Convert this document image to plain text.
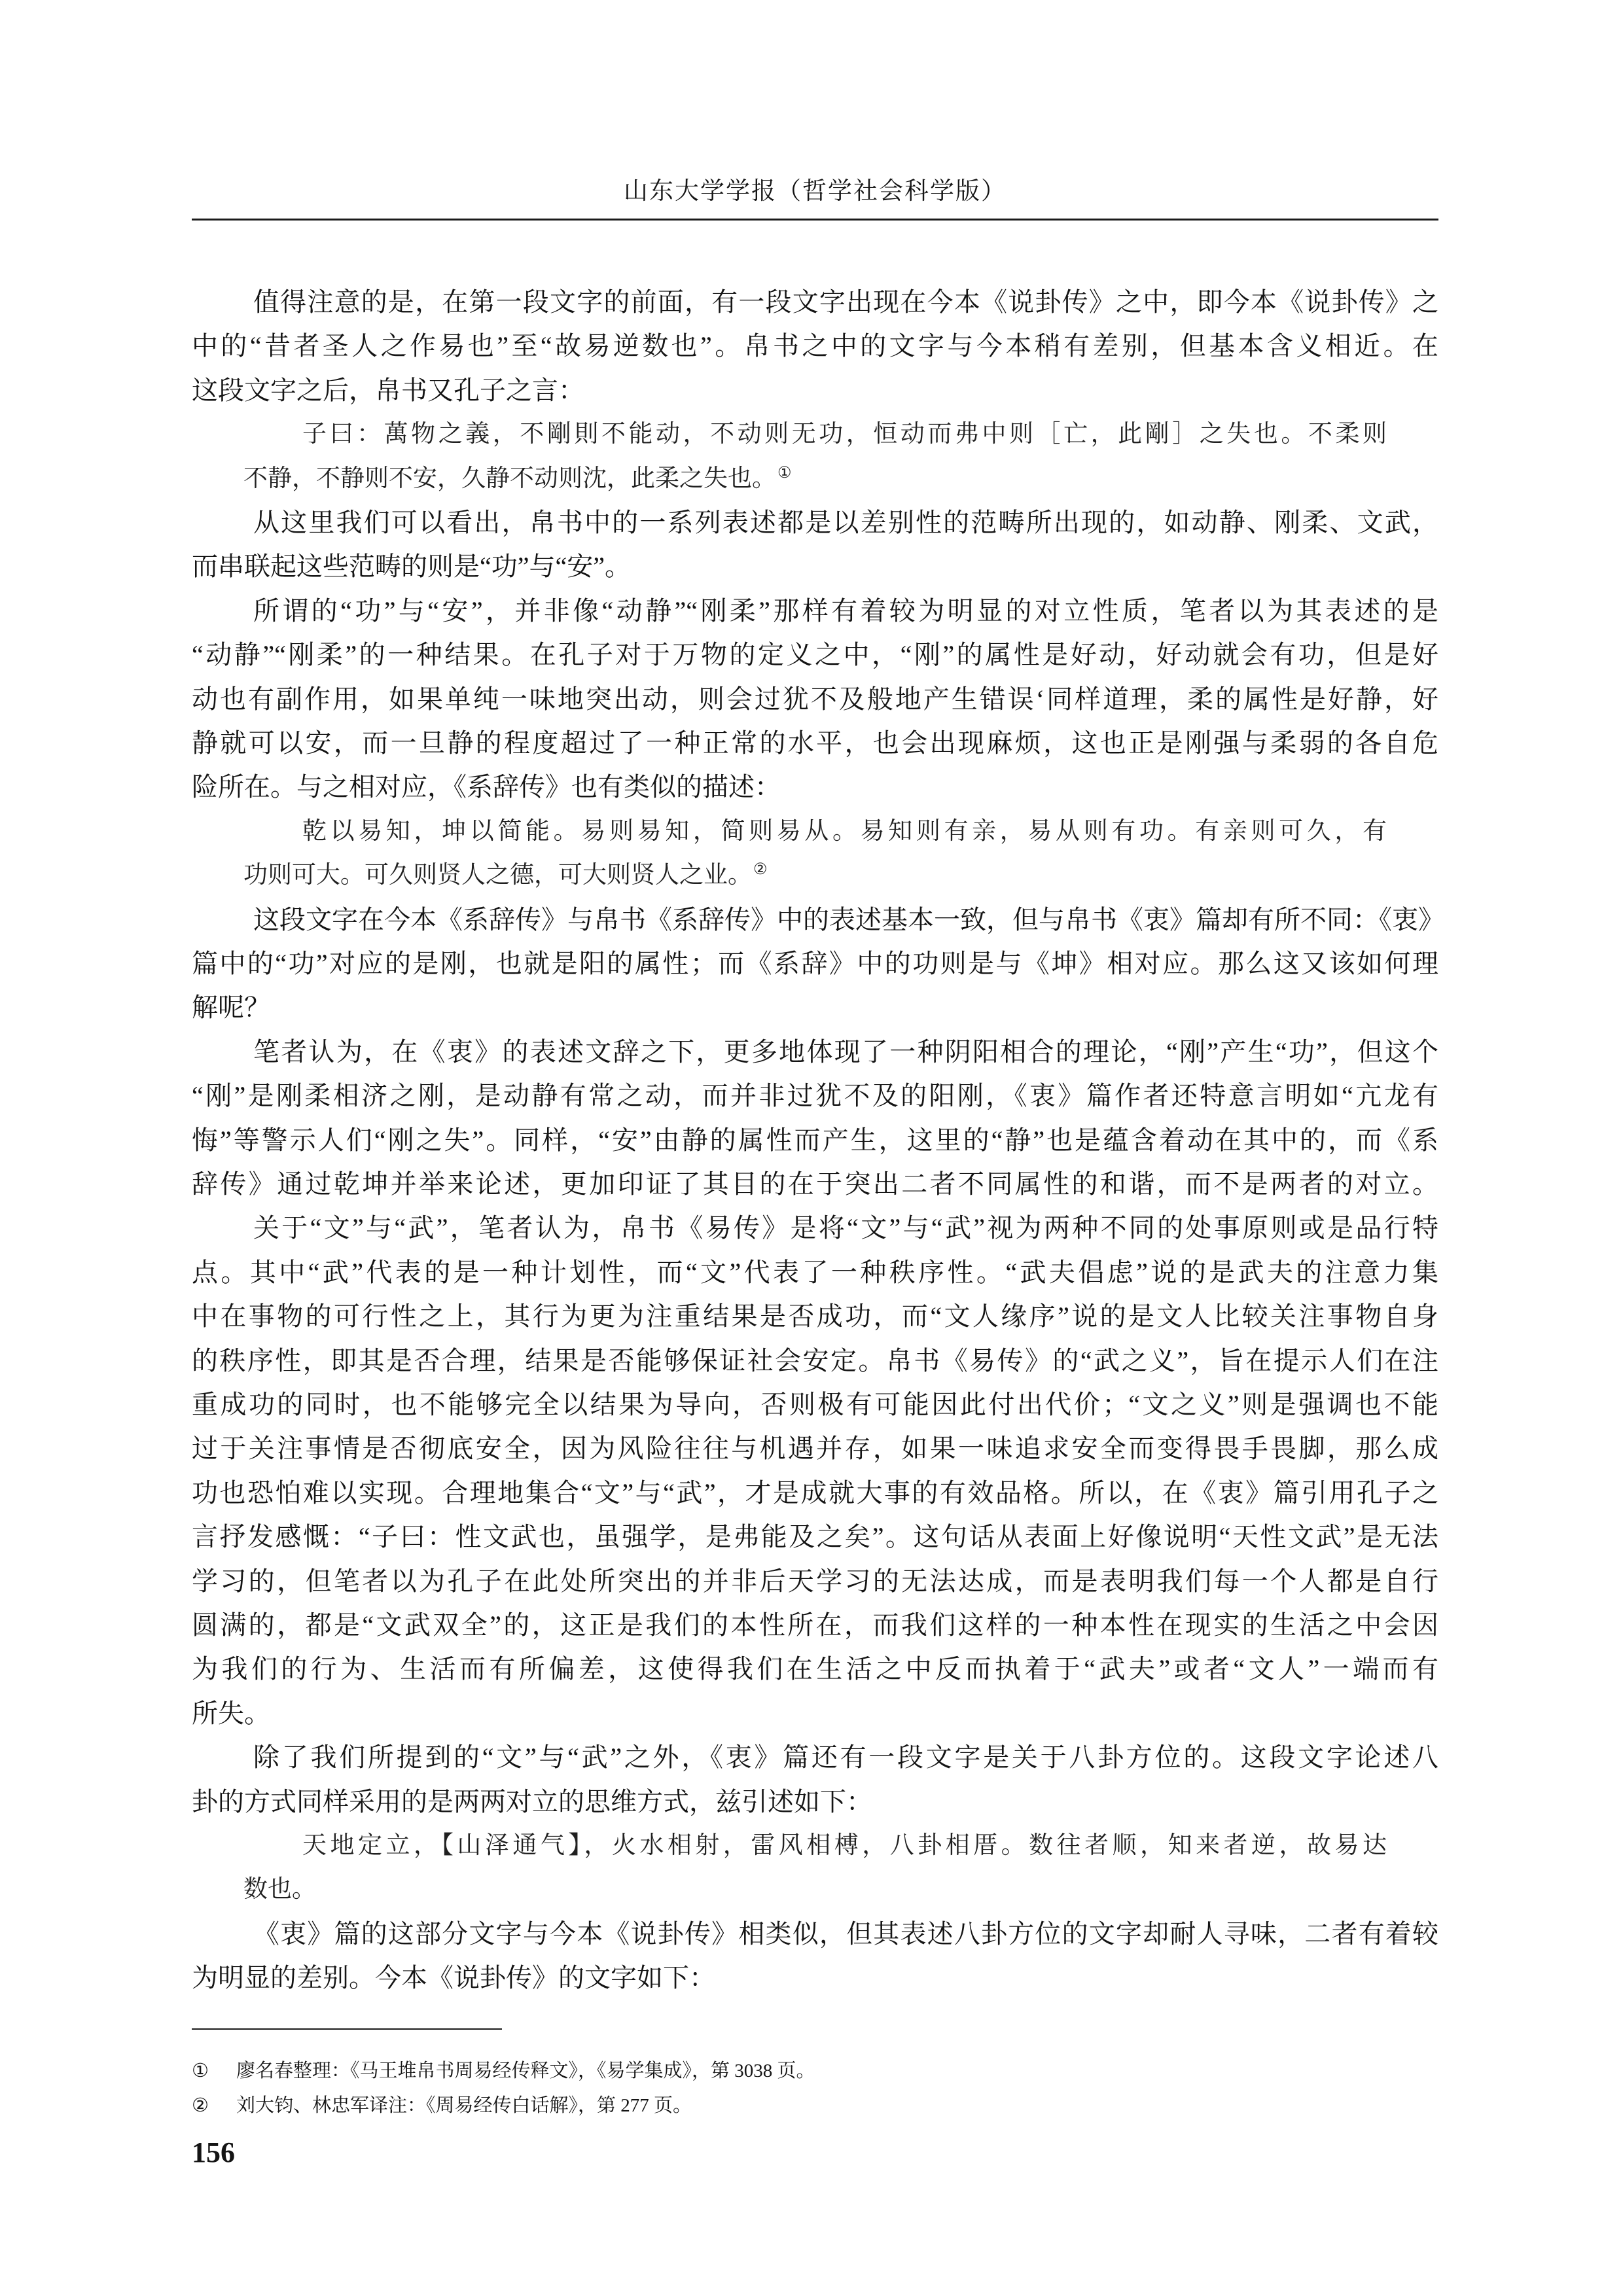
山东大学学报（哲学社会科学版）
值得注意的是，在第一段文字的前面，有一段文字出现在今本《说卦传》之中，即今本《说卦传》之
中的“昔者圣人之作易也”至“故易逆数也”。帛书之中的文字与今本稍有差别，但基本含义相近。在
这段文字之后，帛书又孔子之言：
子曰：萬物之義，不剛則不能动，不动则无功，恒动而弗中则［亡，此剛］之失也。不柔则
不静，不静则不安，久静不动则沈，此柔之失也。①
从这里我们可以看出，帛书中的一系列表述都是以差别性的范畴所出现的，如动静、刚柔、文武，
而串联起这些范畴的则是“功”与“安”。
所谓的“功”与“安”，并非像“动静”“刚柔”那样有着较为明显的对立性质，笔者以为其表述的是
“动静”“刚柔”的一种结果。在孔子对于万物的定义之中，“刚”的属性是好动，好动就会有功，但是好
动也有副作用，如果单纯一味地突出动，则会过犹不及般地产生错误‘同样道理，柔的属性是好静，好
静就可以安，而一旦静的程度超过了一种正常的水平，也会出现麻烦，这也正是刚强与柔弱的各自危
险所在。与之相对应，《系辞传》也有类似的描述：
乾以易知，坤以简能。易则易知，简则易从。易知则有亲，易从则有功。有亲则可久，有
功则可大。可久则贤人之德，可大则贤人之业。②
这段文字在今本《系辞传》与帛书《系辞传》中的表述基本一致，但与帛书《衷》篇却有所不同：《衷》
篇中的“功”对应的是刚，也就是阳的属性；而《系辞》中的功则是与《坤》相对应。那么这又该如何理
解呢？
笔者认为，在《衷》的表述文辞之下，更多地体现了一种阴阳相合的理论，“刚”产生“功”，但这个
“刚”是刚柔相济之刚，是动静有常之动，而并非过犹不及的阳刚，《衷》篇作者还特意言明如“亢龙有
悔”等警示人们“刚之失”。同样，“安”由静的属性而产生，这里的“静”也是蕴含着动在其中的，而《系
辞传》通过乾坤并举来论述，更加印证了其目的在于突出二者不同属性的和谐，而不是两者的对立。
关于“文”与“武”，笔者认为，帛书《易传》是将“文”与“武”视为两种不同的处事原则或是品行特
点。其中“武”代表的是一种计划性，而“文”代表了一种秩序性。“武夫倡虑”说的是武夫的注意力集
中在事物的可行性之上，其行为更为注重结果是否成功，而“文人缘序”说的是文人比较关注事物自身
的秩序性，即其是否合理，结果是否能够保证社会安定。帛书《易传》的“武之义”，旨在提示人们在注
重成功的同时，也不能够完全以结果为导向，否则极有可能因此付出代价；“文之义”则是强调也不能
过于关注事情是否彻底安全，因为风险往往与机遇并存，如果一味追求安全而变得畏手畏脚，那么成
功也恐怕难以实现。合理地集合“文”与“武”，才是成就大事的有效品格。所以，在《衷》篇引用孔子之
言抒发感慨：“子曰：性文武也，虽强学，是弗能及之矣”。这句话从表面上好像说明“天性文武”是无法
学习的，但笔者以为孔子在此处所突出的并非后天学习的无法达成，而是表明我们每一个人都是自行
圆满的，都是“文武双全”的，这正是我们的本性所在，而我们这样的一种本性在现实的生活之中会因
为我们的行为、生活而有所偏差，这使得我们在生活之中反而执着于“武夫”或者“文人”一端而有
所失。
除了我们所提到的“文”与“武”之外，《衷》篇还有一段文字是关于八卦方位的。这段文字论述八
卦的方式同样采用的是两两对立的思维方式，兹引述如下：
天地定立，【山泽通气】，火水相射，雷风相榑，八卦相厝。数往者顺，知来者逆，故易达
数也。
《衷》篇的这部分文字与今本《说卦传》相类似，但其表述八卦方位的文字却耐人寻味，二者有着较
为明显的差别。今本《说卦传》的文字如下：
① 廖名春整理：《马王堆帛书周易经传释文》，《易学集成》，第 3038 页。
② 刘大钧、林忠军译注：《周易经传白话解》，第 277 页。
156
